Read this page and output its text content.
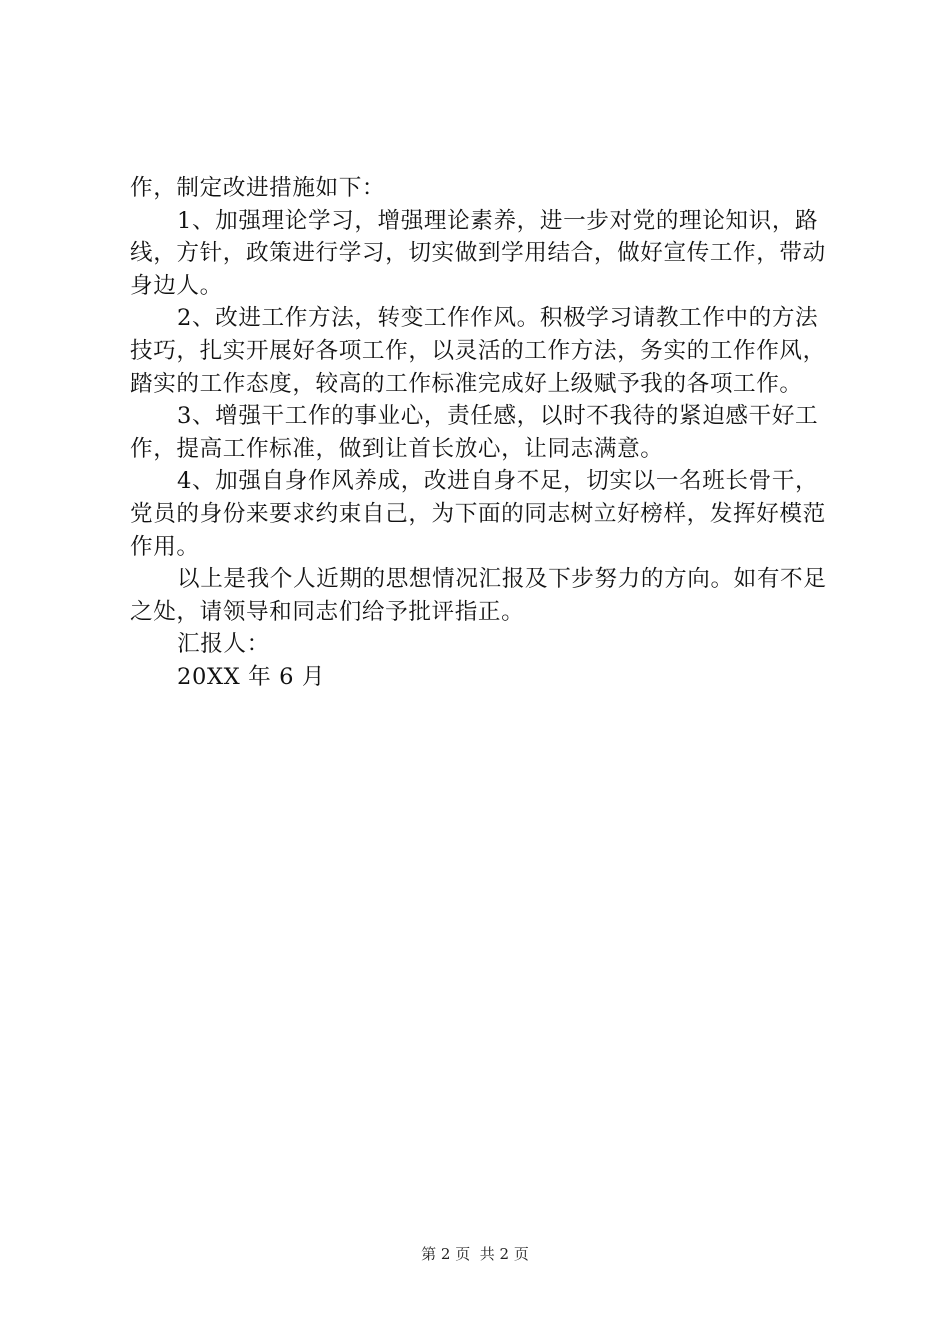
作，制定改进措施如下：

1、加强理论学习，增强理论素养，进一步对党的理论知识，路线，方针，政策进行学习，切实做到学用结合，做好宣传工作，带动身边人。

2、改进工作方法，转变工作作风。积极学习请教工作中的方法技巧，扎实开展好各项工作，以灵活的工作方法，务实的工作作风，踏实的工作态度，较高的工作标准完成好上级赋予我的各项工作。

3、增强干工作的事业心，责任感，以时不我待的紧迫感干好工作，提高工作标准，做到让首长放心，让同志满意。

4、加强自身作风养成，改进自身不足，切实以一名班长骨干，党员的身份来要求约束自己，为下面的同志树立好榜样，发挥好模范作用。

以上是我个人近期的思想情况汇报及下步努力的方向。如有不足之处，请领导和同志们给予批评指正。

汇报人：

20XX 年 6 月

第 2 页  共 2 页
